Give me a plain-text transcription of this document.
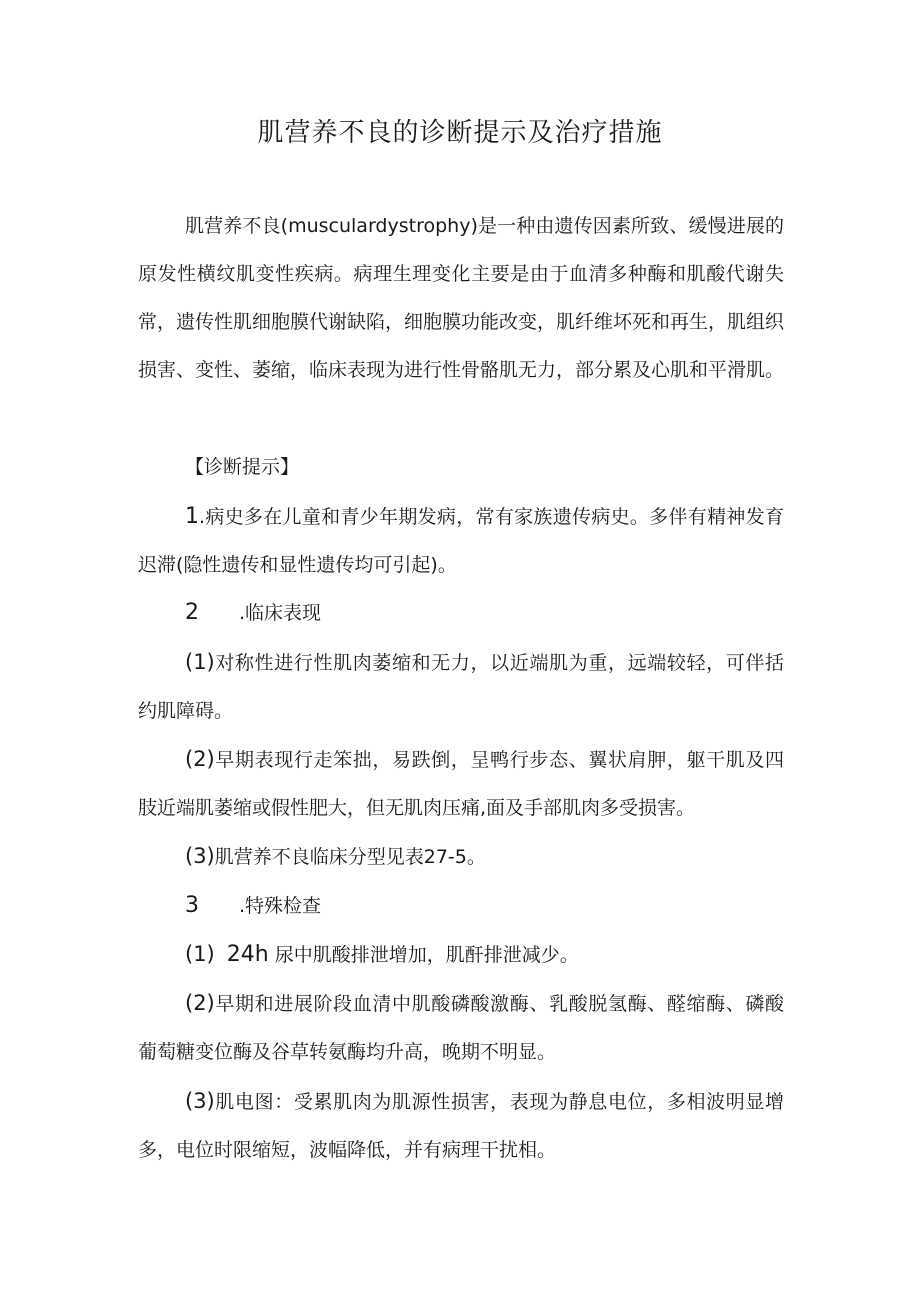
肌营养不良的诊断提示及治疗措施

肌营养不良(musculardystrophy)是一种由遗传因素所致、缓慢进展的原发性横纹肌变性疾病。病理生理变化主要是由于血清多种酶和肌酸代谢失常，遗传性肌细胞膜代谢缺陷，细胞膜功能改变，肌纤维坏死和再生，肌组织损害、变性、萎缩，临床表现为进行性骨骼肌无力，部分累及心肌和平滑肌。

【诊断提示】

1.病史多在儿童和青少年期发病，常有家族遗传病史。多伴有精神发育迟滞(隐性遗传和显性遗传均可引起)。

2 .临床表现

(1)对称性进行性肌肉萎缩和无力，以近端肌为重，远端较轻，可伴括约肌障碍。

(2)早期表现行走笨拙，易跌倒，呈鸭行步态、翼状肩胛，躯干肌及四肢近端肌萎缩或假性肥大，但无肌肉压痛,面及手部肌肉多受损害。

(3)肌营养不良临床分型见表27-5。

3 .特殊检查

(1) 24h 尿中肌酸排泄增加，肌酐排泄减少。

(2)早期和进展阶段血清中肌酸磷酸激酶、乳酸脱氢酶、醛缩酶、磷酸葡萄糖变位酶及谷草转氨酶均升高，晚期不明显。

(3)肌电图：受累肌肉为肌源性损害，表现为静息电位，多相波明显增多，电位时限缩短，波幅降低，并有病理干扰相。
